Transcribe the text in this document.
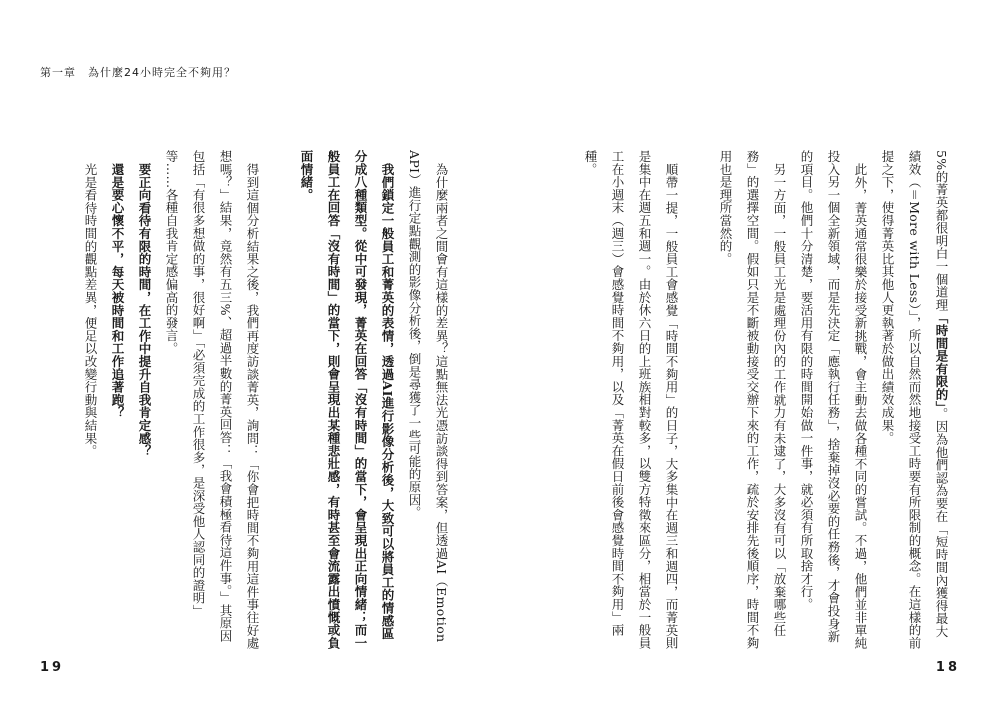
第一章　為什麼24小時完全不夠用？

5%的菁英都很明白一個道理「時間是有限的」。因為他們認為要在「短時間內獲得最大績效（＝More with Less）」，所以自然而然地接受工時要有所限制的概念。在這樣的前提之下，使得菁英比其他人更執著於做出績效成果。

此外，菁英通常很樂於接受新挑戰，會主動去做各種不同的嘗試。不過，他們並非單純投入另一個全新領域，而是先決定「應執行任務」，捨棄掉沒必要的任務後，才會投身新的項目。他們十分清楚，要活用有限的時間開始做一件事，就必須有所取捨才行。

另一方面，一般員工光是處理份內的工作就力有未逮了，大多沒有可以「放棄哪些任務」的選擇空間。假如只是不斷被動接受交辦下來的工作，疏於安排先後順序，時間不夠用也是理所當然的。

順帶一提，一般員工會感覺「時間不夠用」的日子，大多集中在週三和週四，而菁英則是集中在週五和週一。由於休六日的上班族相對較多，以雙方特徵來區分，相當於一般員工在小週末（週三）會感覺時間不夠用，以及「菁英在假日前後會感覺時間不夠用」兩種。

為什麼兩者之間會有這樣的差異？這點無法光憑訪談得到答案，但透過AI（Emotion API）進行定點觀測的影像分析後，倒是尋獲了一些可能的原因。

我們鎖定一般員工和菁英的表情，透過AI進行影像分析後，大致可以將員工的情感區分成八種類型。從中可發現，菁英在回答「沒有時間」的當下，會呈現出正向情緒；而一般員工在回答「沒有時間」的當下，則會呈現出某種悲壯感，有時甚至會流露出憤慨或負面情緒。

得到這個分析結果之後，我們再度訪談菁英，詢問：「你會把時間不夠用這件事往好處想嗎？」結果，竟然有五三%、超過半數的菁英回答：「我會積極看待這件事。」其原因包括「有很多想做的事，很好啊」「必須完成的工作很多，是深受他人認同的證明」等……各種自我肯定感偏高的發言。

要正向看待有限的時間，在工作中提升自我肯定感？

還是要心懷不平，每天被時間和工作追著跑？

光是看待時間的觀點差異，便足以改變行動與結果。

19	18
